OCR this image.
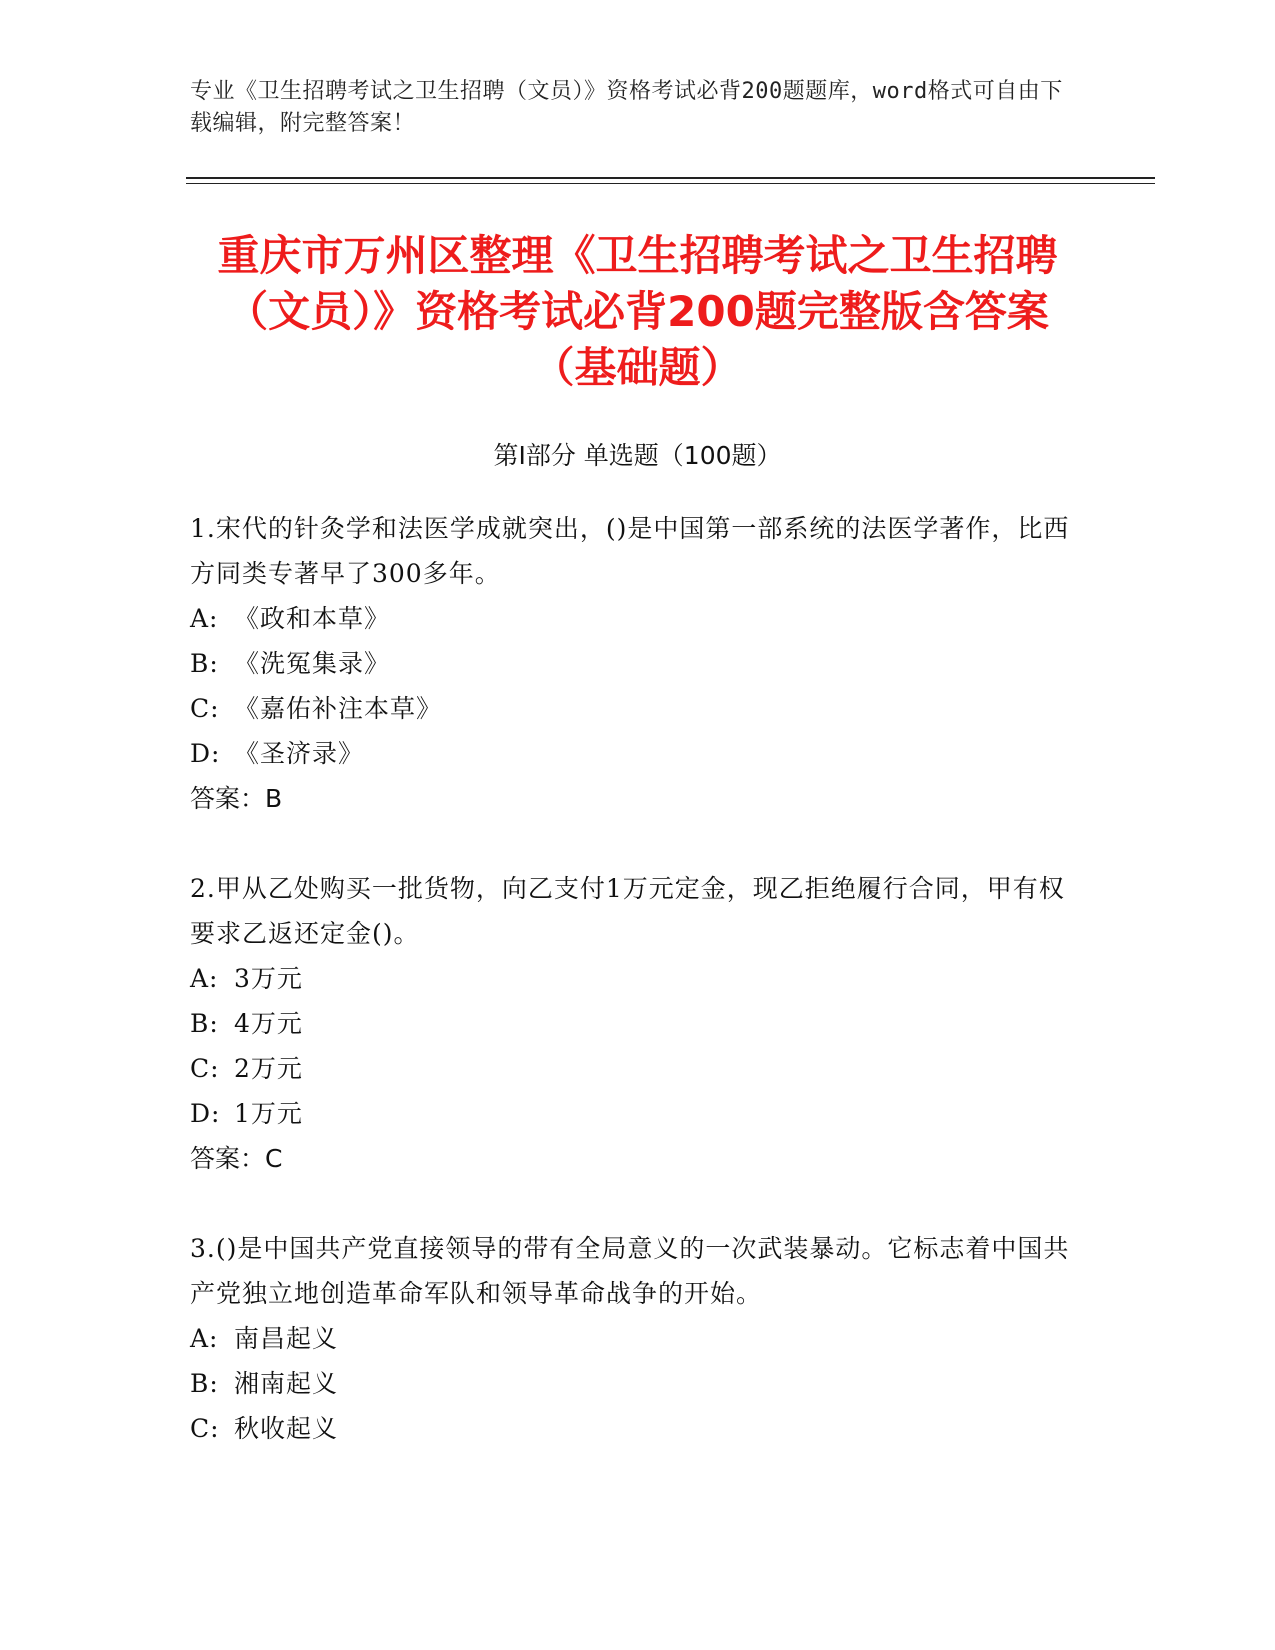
专业《卫生招聘考试之卫生招聘（文员）》资格考试必背200题题库，word格式可自由下载编辑，附完整答案！
重庆市万州区整理《卫生招聘考试之卫生招聘（文员）》资格考试必背200题完整版含答案（基础题）
第I部分 单选题（100题）
1.宋代的针灸学和法医学成就突出，()是中国第一部系统的法医学著作，比西方同类专著早了300多年。
A: 《政和本草》
B: 《洗冤集录》
C: 《嘉佑补注本草》
D: 《圣济录》
答案：B
2.甲从乙处购买一批货物，向乙支付1万元定金，现乙拒绝履行合同，甲有权要求乙返还定金()。
A: 3万元
B: 4万元
C: 2万元
D: 1万元
答案：C
3.()是中国共产党直接领导的带有全局意义的一次武装暴动。它标志着中国共产党独立地创造革命军队和领导革命战争的开始。
A: 南昌起义
B: 湘南起义
C: 秋收起义
